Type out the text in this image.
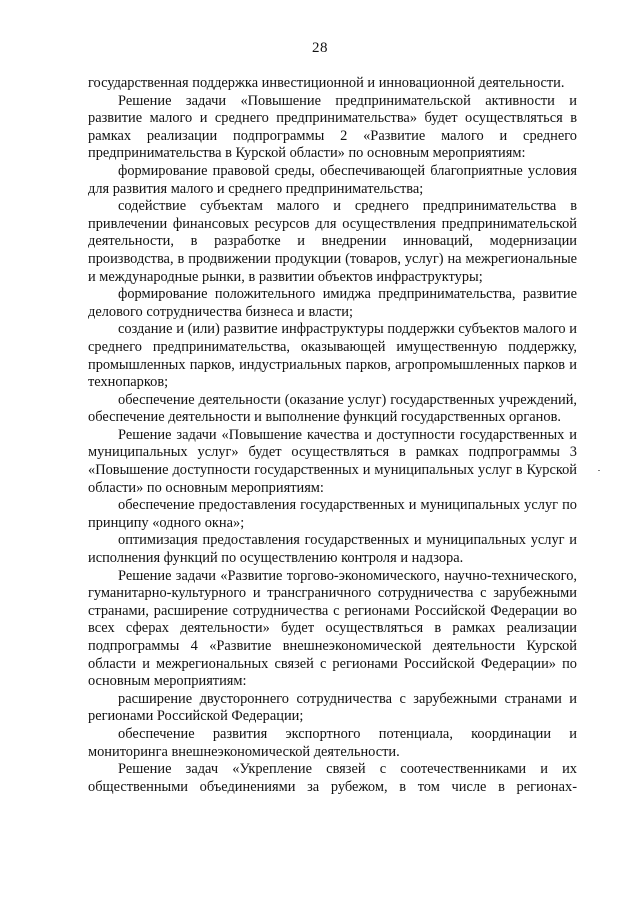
28

государственная поддержка инвестиционной и инновационной деятельности.

Решение задачи «Повышение предпринимательской активности и развитие малого и среднего предпринимательства» будет осуществляться в рамках реализации подпрограммы 2 «Развитие малого и среднего предпринимательства в Курской области» по основным мероприятиям:

формирование правовой среды, обеспечивающей благоприятные условия для развития малого и среднего предпринимательства;

содействие субъектам малого и среднего предпринимательства в привлечении финансовых ресурсов для осуществления предпринимательской деятельности, в разработке и внедрении инноваций, модернизации производства, в продвижении продукции (товаров, услуг) на межрегиональные и международные рынки, в развитии объектов инфраструктуры;

формирование положительного имиджа предпринимательства, развитие делового сотрудничества бизнеса и власти;

создание и (или) развитие инфраструктуры поддержки субъектов малого и среднего предпринимательства, оказывающей имущественную поддержку, промышленных парков, индустриальных парков, агропромышленных парков и технопарков;

обеспечение деятельности (оказание услуг) государственных учреждений, обеспечение деятельности и выполнение функций государственных органов.

Решение задачи «Повышение качества и доступности государственных и муниципальных услуг» будет осуществляться в рамках подпрограммы 3 «Повышение доступности государственных и муниципальных услуг в Курской области» по основным мероприятиям:

обеспечение предоставления государственных и муниципальных услуг по принципу «одного окна»;

оптимизация предоставления государственных и муниципальных услуг и исполнения функций по осуществлению контроля и надзора.

Решение задачи «Развитие торгово-экономического, научно-технического, гуманитарно-культурного и трансграничного сотрудничества с зарубежными странами, расширение сотрудничества с регионами Российской Федерации во всех сферах деятельности» будет осуществляться в рамках реализации подпрограммы 4 «Развитие внешнеэкономической деятельности Курской области и межрегиональных связей с регионами Российской Федерации» по основным мероприятиям:

расширение двустороннего сотрудничества с зарубежными странами и регионами Российской Федерации;

обеспечение развития экспортного потенциала, координации и мониторинга внешнеэкономической деятельности.

Решение задач «Укрепление связей с соотечественниками и их общественными объединениями за рубежом, в том числе в регионах-
